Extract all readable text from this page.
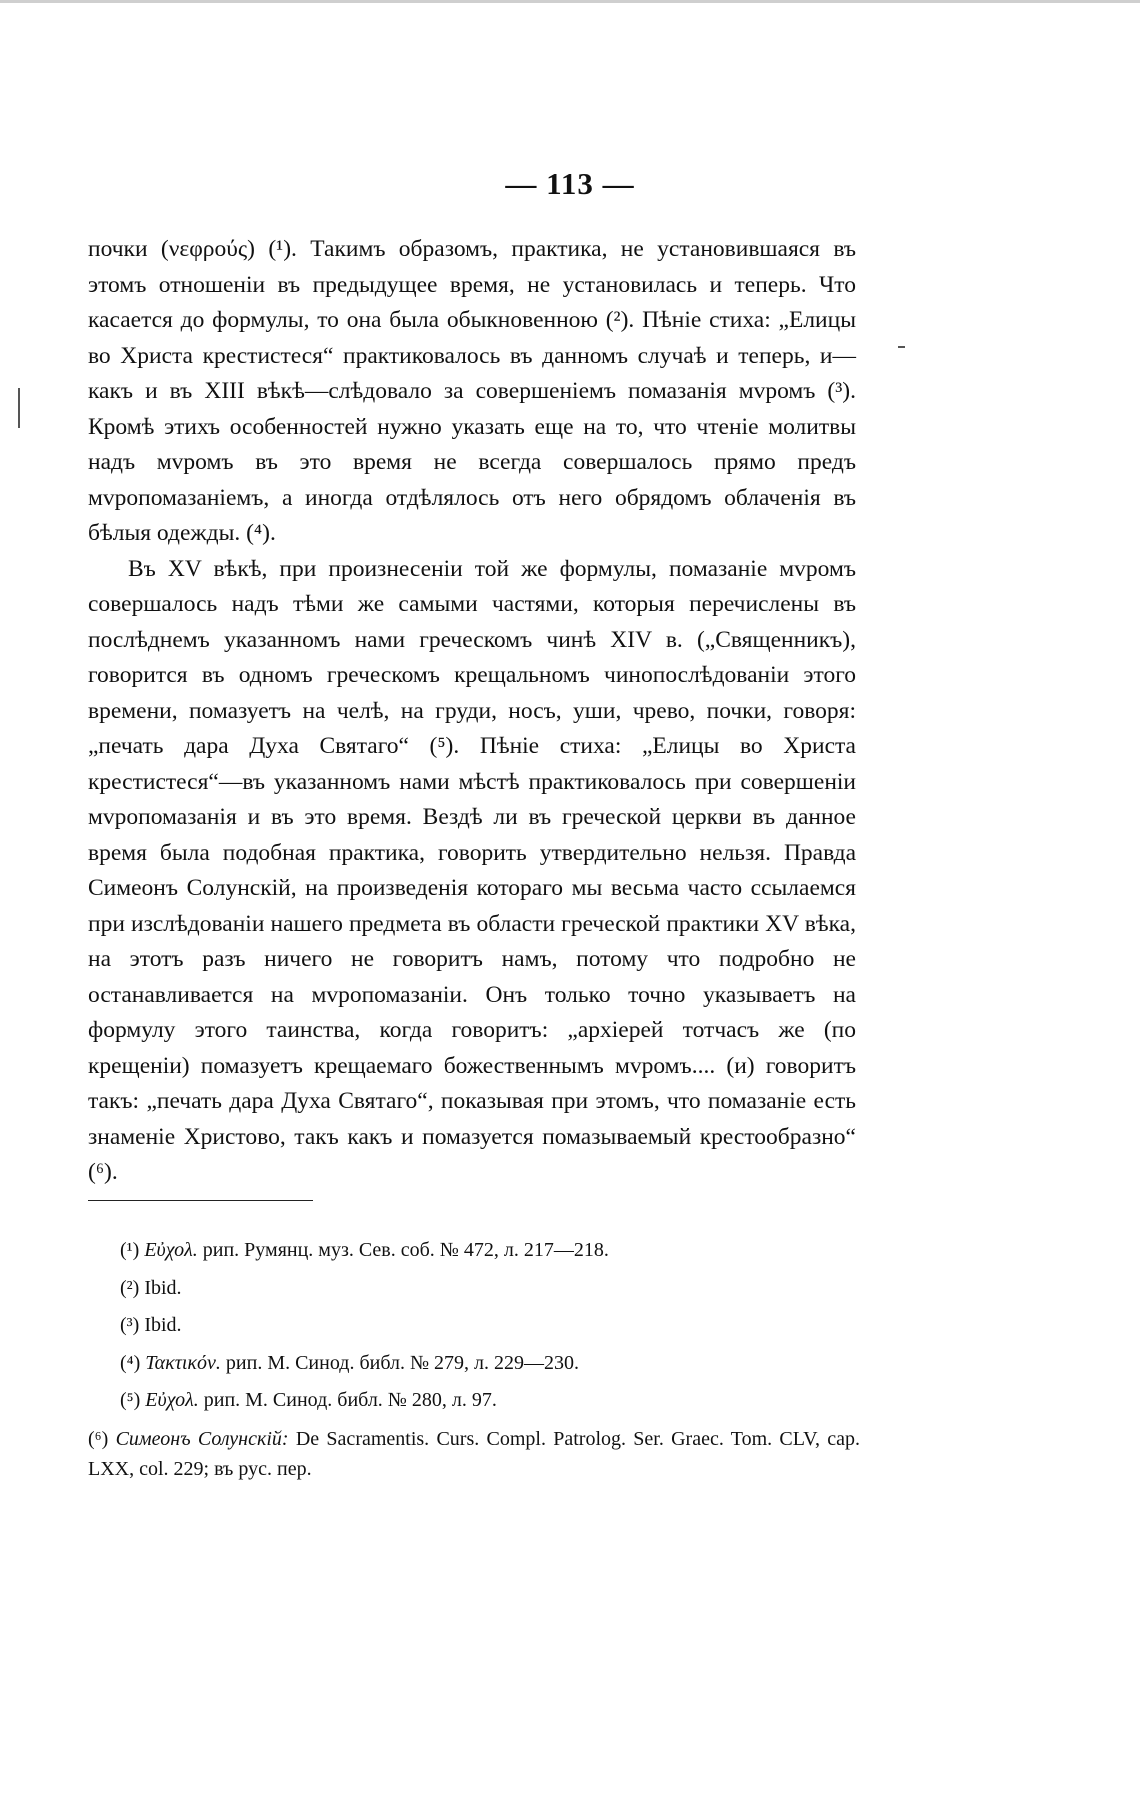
— 113 —

почки (νεφρούς) (¹). Такимъ образомъ, практика, не установившаяся въ этомъ отношеніи въ предыдущее время, не установилась и теперь. Что касается до формулы, то она была обыкновенною (²). Пѣніе стиха: „Елицы во Христа крестистеся“ практиковалось въ данномъ случаѣ и теперь, и—какъ и въ XIII вѣкѣ—слѣдовало за совершеніемъ помазанія мvромъ (³). Кромѣ этихъ особенностей нужно указать еще на то, что чтеніе молитвы надъ мvромъ въ это время не всегда совершалось прямо предъ мvропомазаніемъ, а иногда отдѣлялось отъ него обрядомъ облаченія въ бѣлыя одежды. (⁴).

Въ XV вѣкѣ, при произнесеніи той же формулы, помазаніе мvромъ совершалось надъ тѣми же самыми частями, которыя перечислены въ послѣднемъ указанномъ нами греческомъ чинѣ XIV в. („Священникъ), говорится въ одномъ греческомъ крещальномъ чинопослѣдованіи этого времени, помазуетъ на челѣ, на груди, носъ, уши, чрево, почки, говоря: „печать дара Духа Святаго“ (⁵). Пѣніе стиха: „Елицы во Христа крестистеся“—въ указанномъ нами мѣстѣ практиковалось при совершеніи мvропомазанія и въ это время. Вездѣ ли въ греческой церкви въ данное время была подобная практика, говорить утвердительно нельзя. Правда Симеонъ Солунскій, на произведенія котораго мы весьма часто ссылаемся при изслѣдованіи нашего предмета въ области греческой практики XV вѣка, на этотъ разъ ничего не говоритъ намъ, потому что подробно не останавливается на мvропомазаніи. Онъ только точно указываетъ на формулу этого таинства, когда говоритъ: „архіерей тотчасъ же (по крещеніи) помазуетъ крещаемаго божественнымъ мvромъ.... (и) говоритъ такъ: „печать дара Духа Святаго“, показывая при этомъ, что помазаніе есть знаменіе Христово, такъ какъ и помазуется помазываемый крестообразно“ (⁶).

(¹) Εὐχολ. рип. Румянц. муз. Сев. соб. № 472, л. 217—218.

(²) Ibid.

(³) Ibid.

(⁴) Τακτικόν. рип. М. Синод. библ. № 279, л. 229—230.

(⁵) Εὐχολ. рип. М. Синод. библ. № 280, л. 97.

(⁶) Симеонъ Солунскій: De Sacramentis. Curs. Compl. Patrolog. Ser. Graec. Tom. CLV, cap. LXX, col. 229; въ рус. пер.
